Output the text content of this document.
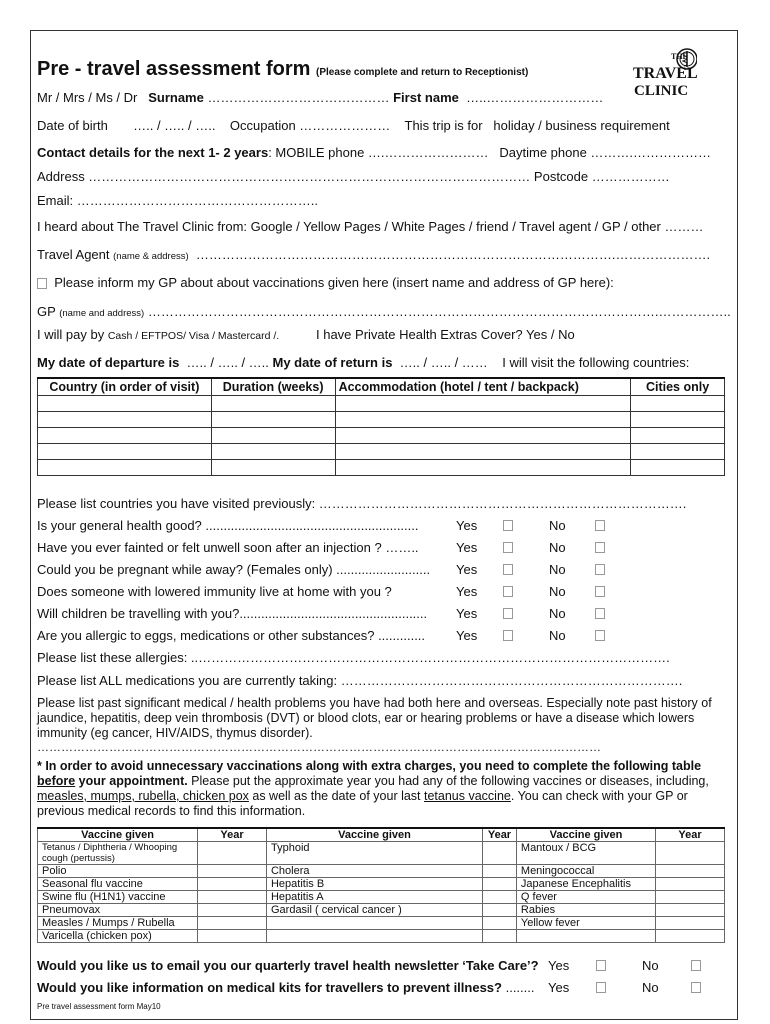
Pre - travel assessment form (Please complete and return to Receptionist)
THE
TRAVEL
CLINIC
Mr / Mrs / Ms / Dr Surname …………………………………… First name …..………………………
Date of birth ….. / ….. / ….. Occupation ………………… This trip is for holiday / business requirement
Contact details for the next 1- 2 years: MOBILE phone ….…………………… Daytime phone ……….………………
Address ………………………………………………………………………………………… Postcode ………………
Email: ………………………………………………..
I heard about The Travel Clinic from: Google / Yellow Pages / White Pages / friend / Travel agent / GP / other ………
Travel Agent (name & address) …………………………………………………………………………………….………………….
Please inform my GP about about vaccinations given here (insert name and address of GP here):
GP (name and address) ……………………………………………………………………………………………………….……………..
I will pay by Cash / EFTPOS/ Visa / Mastercard /.	I have Private Health Extras Cover? Yes / No
My date of departure is ….. / ….. / ….. My date of return is ….. / ….. / …… I will visit the following countries:
Country (in order of visit)	Duration (weeks)	Accommodation (hotel / tent / backpack)	Cities only

Please list countries you have visited previously: ………………………………………………………………………….
Is your general health good? ...........................................................	Yes	No
Have you ever fainted or felt unwell soon after an injection ? ……..	Yes	No
Could you be pregnant while away? (Females only) .......................... Yes	No
Does someone with lowered immunity live at home with you ?	Yes	No
Will children be travelling with you?.................................................... Yes	No
Are you allergic to eggs, medications or other substances? ............. Yes	No
Please list these allergies: ..……………………………………………………………………………………………….
Please list ALL medications you are currently taking: …………………………………………………………………….
Please list past significant medical / health problems you have had both here and overseas. Especially note past history of jaundice, hepatitis, deep vein thrombosis (DVT) or blood clots, ear or hearing problems or have a disease which lowers immunity (eg cancer, HIV/AIDS, thymus disorder).
……………………………………………………………………………………………………………………………
* In order to avoid unnecessary vaccinations along with extra charges, you need to complete the following table before your appointment. Please put the approximate year you had any of the following vaccines or diseases, including, measles, mumps, rubella, chicken pox as well as the date of your last tetanus vaccine. You can check with your GP or previous medical records to find this information.
Vaccine given	Year	Vaccine given	Year	Vaccine given	Year
Tetanus / Diphtheria / Whooping cough (pertussis)		Typhoid		Mantoux / BCG	
Polio		Cholera		Meningococcal	
Seasonal flu vaccine		Hepatitis B		Japanese Encephalitis	
Swine flu (H1N1) vaccine		Hepatitis A		Q fever	
Pneumovax		Gardasil ( cervical cancer )		Rabies	
Measles / Mumps / Rubella				Yellow fever	
Varicella (chicken pox)					
Would you like us to email you our quarterly travel health newsletter ‘Take Care’? Yes	No
Would you like information on medical kits for travellers to prevent illness? ........ Yes	No
Pre travel assessment form May10
